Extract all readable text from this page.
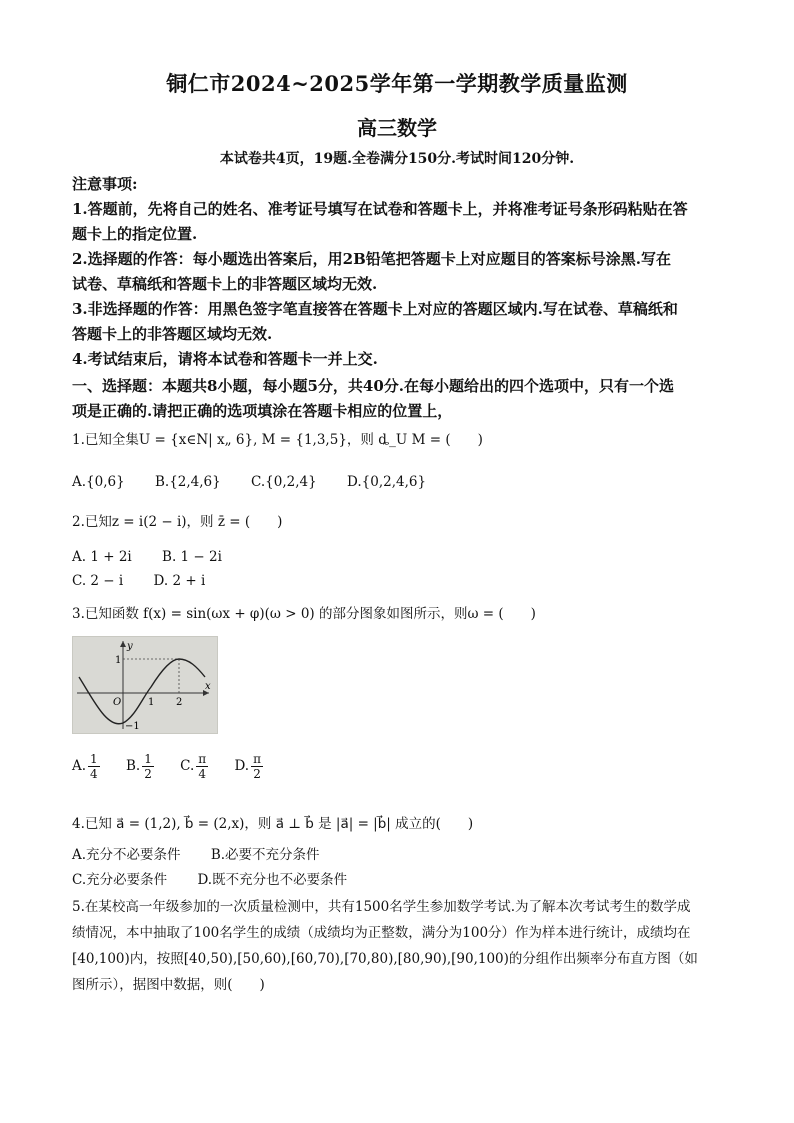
铜仁市2024~2025学年第一学期教学质量监测
高三数学
本试卷共4页，19题.全卷满分150分.考试时间120分钟.
注意事项:
1.答题前，先将自己的姓名、准考证号填写在试卷和答题卡上，并将准考证号条形码粘贴在答
题卡上的指定位置.
2.选择题的作答：每小题选出答案后，用2B铅笔把答题卡上对应题目的答案标号涂黑.写在
试卷、草稿纸和答题卡上的非答题区域均无效.
3.非选择题的作答：用黑色签字笔直接答在答题卡上对应的答题区域内.写在试卷、草稿纸和
答题卡上的非答题区域均无效.
4.考试结束后，请将本试卷和答题卡一并上交.
一、选择题：本题共8小题，每小题5分，共40分.在每小题给出的四个选项中，只有一个选
项是正确的.请把正确的选项填涂在答题卡相应的位置上，
1.已知全集U = {x∈N| x„ 6}, M = {1,3,5}，则 ȡ_U M = (　　)
A.{0,6} B.{2,4,6} C.{0,2,4} D.{0,2,4,6}
2.已知z = i(2 − i)，则 z̄ = (　　)
A. 1 + 2i B. 1 − 2i
C. 2 − i D. 2 + i
3.已知函数 f(x) = sin(ωx + φ)(ω > 0) 的部分图象如图所示，则ω = (　　)
y
x
O	1 2
1
−1
A. $\frac{1}{4} B$. $\frac{1}{2} C$. $\frac{\pi}{4} D$. $\frac{\pi}{2}$
4.已知 a⃗ = (1,2), b⃗ = (2,x)，则 a⃗ ⊥ b⃗ 是 |a⃗| = |b⃗| 成立的(　　)
A.充分不必要条件 B.必要不充分条件
C.充分必要条件 D.既不充分也不必要条件
5.在某校高一年级参加的一次质量检测中，共有1500名学生参加数学考试.为了解本次考试考生的数学成
绩情况，本中抽取了100名学生的成绩（成绩均为正整数，满分为100分）作为样本进行统计，成绩均在
[40,100)内，按照[40,50),[50,60),[60,70),[70,80),[80,90),[90,100)的分组作出频率分布直方图（如
图所示），据图中数据，则(　　)
